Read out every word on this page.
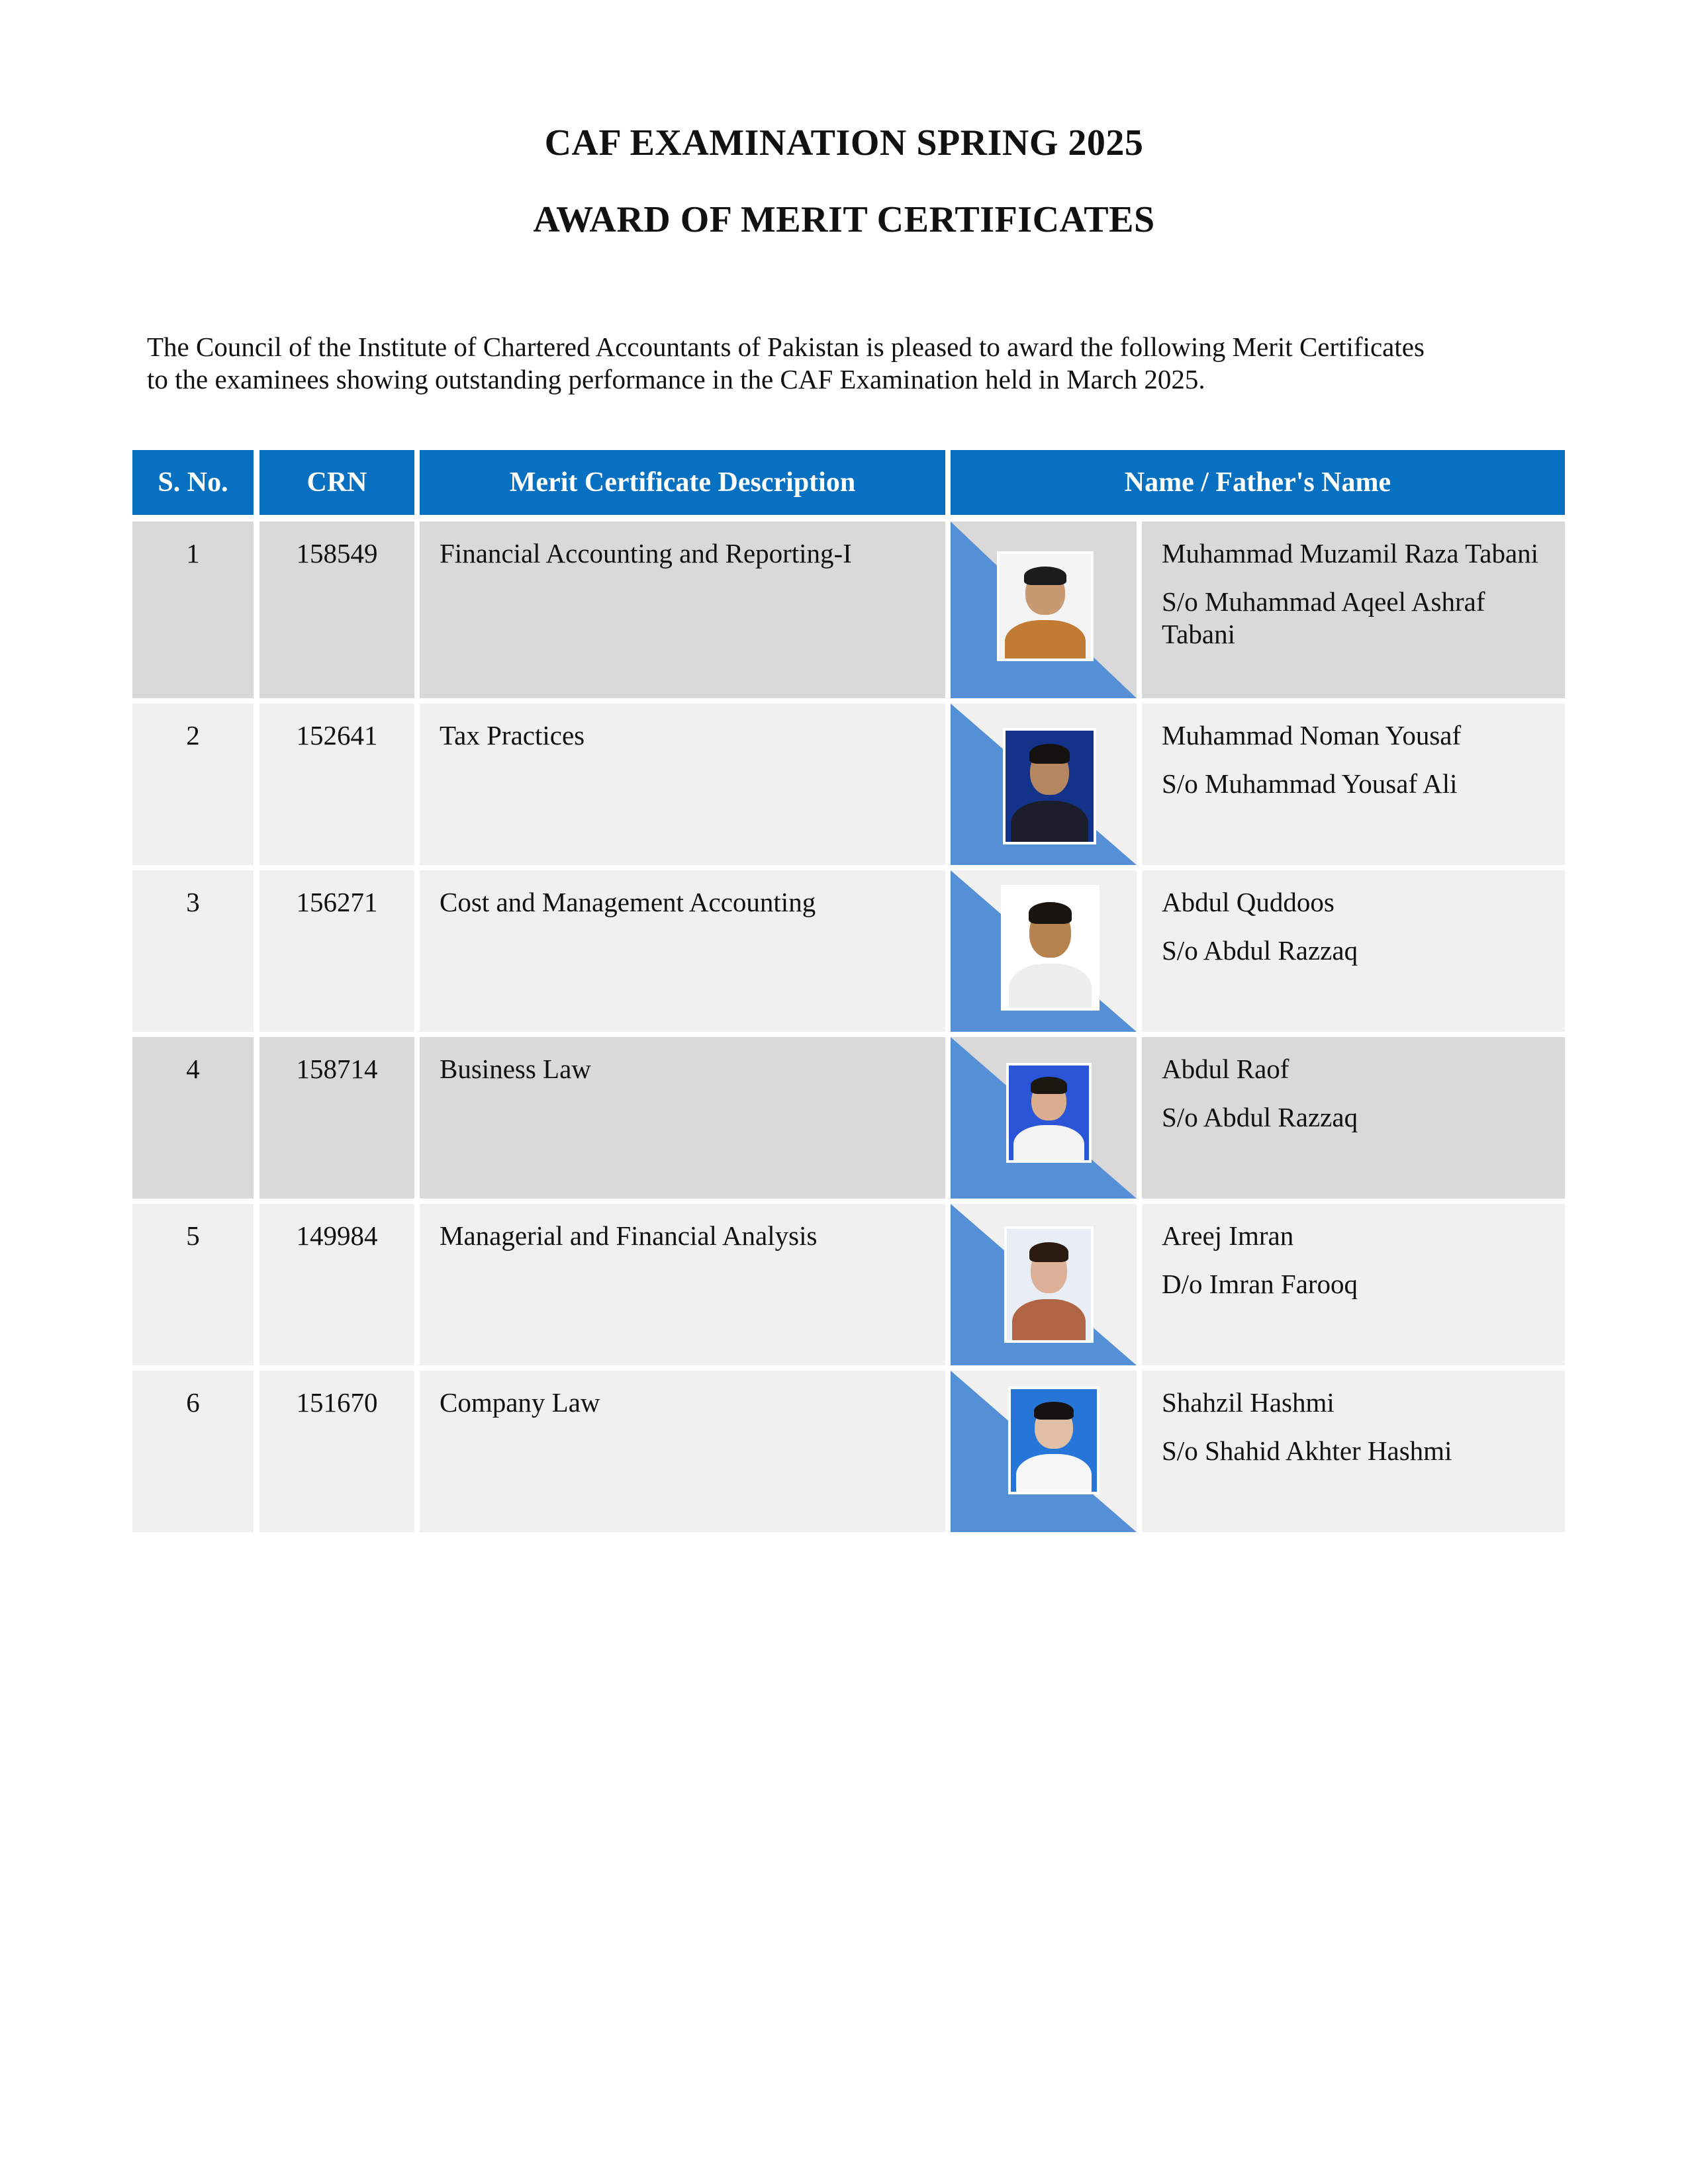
CAF EXAMINATION SPRING 2025
AWARD OF MERIT CERTIFICATES

The Council of the Institute of Chartered Accountants of Pakistan is pleased to award the following Merit Certificates

to the examinees showing outstanding performance in the CAF Examination held in March 2025.

S. No.	CRN	Merit Certificate Description	Name / Father's Name
1	158549	Financial Accounting and Reporting-I	Muhammad Muzamil Raza Tabani

S/o Muhammad Aqeel Ashraf Tabani

2	152641	Tax Practices	Muhammad Noman Yousaf

S/o Muhammad Yousaf Ali

3	156271	Cost and Management Accounting	Abdul Quddoos

S/o Abdul Razzaq

4	158714	Business Law	Abdul Raof

S/o Abdul Razzaq

5	149984	Managerial and Financial Analysis	Areej Imran

D/o Imran Farooq

6	151670	Company Law	Shahzil Hashmi

S/o Shahid Akhter Hashmi
